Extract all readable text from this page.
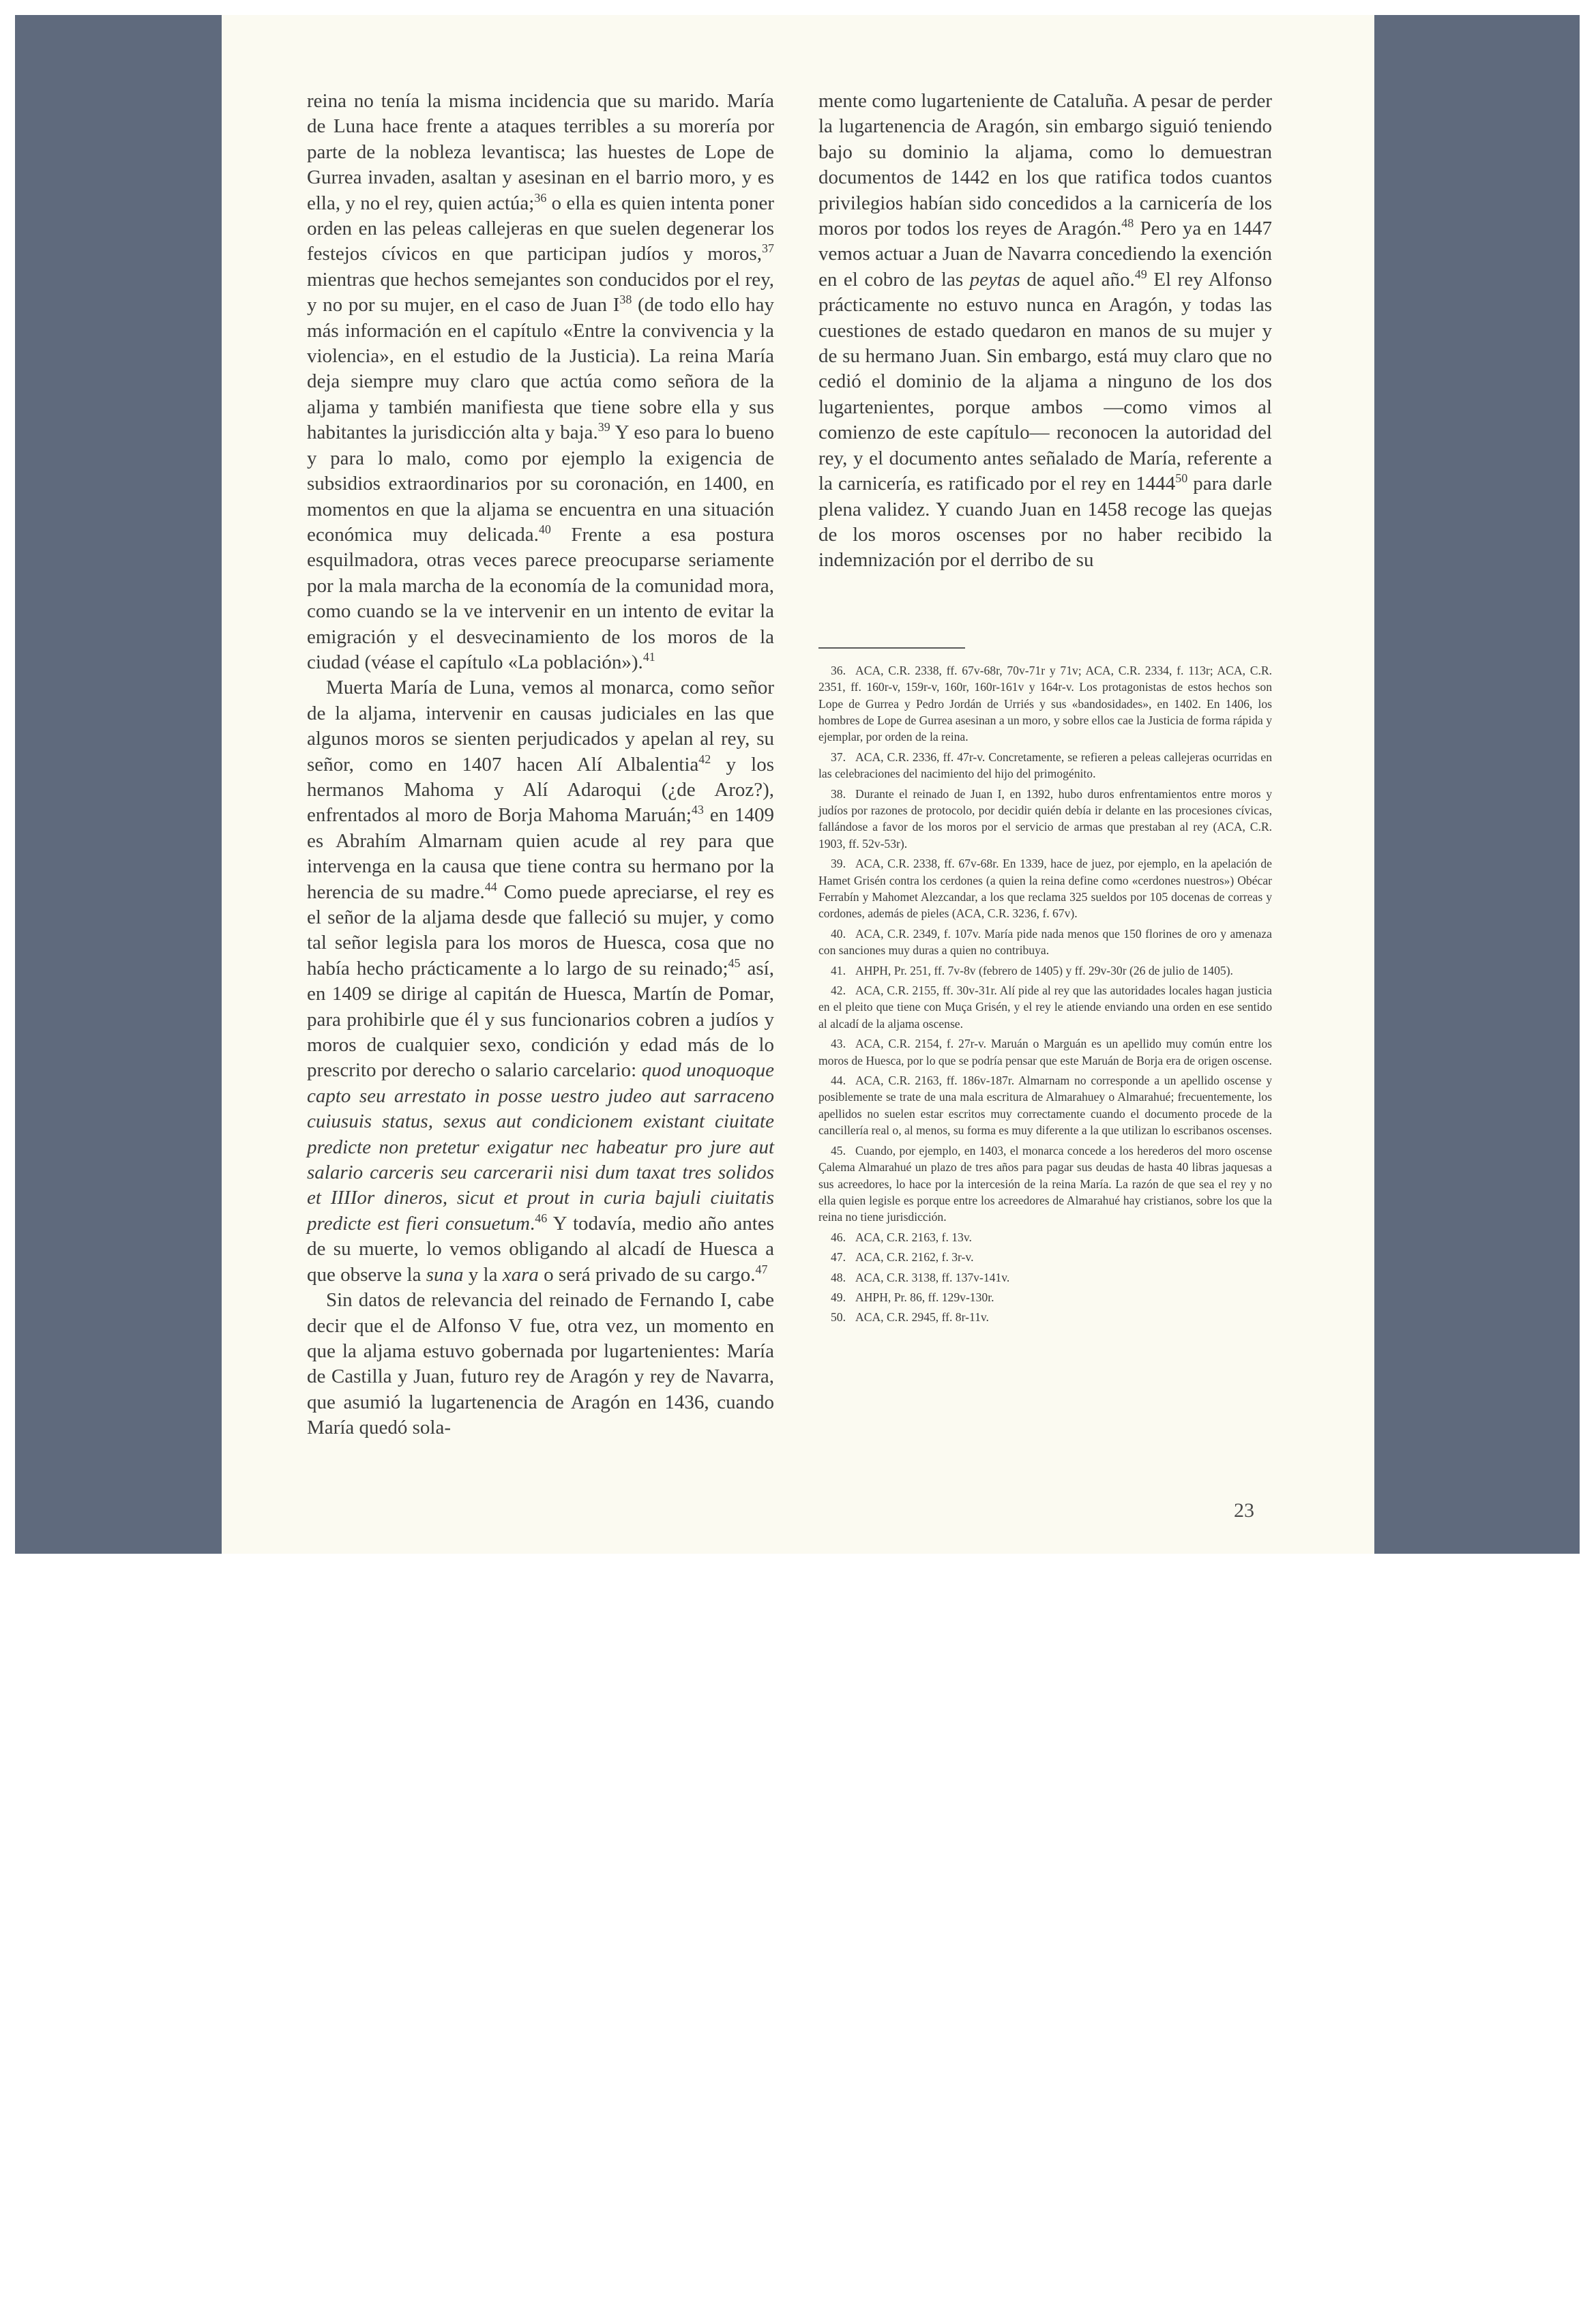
reina no tenía la misma incidencia que su marido. María de Luna hace frente a ataques terribles a su morería por parte de la nobleza levantisca; las huestes de Lope de Gurrea invaden, asaltan y asesinan en el barrio moro, y es ella, y no el rey, quien actúa;$^{36}$ o ella es quien intenta poner orden en las peleas callejeras en que suelen degenerar los festejos cívicos en que participan judíos y moros,$^{37}$ mientras que hechos semejantes son conducidos por el rey, y no por su mujer, en el caso de Juan $I^{38}$ (de todo ello hay más información en el capítulo «Entre la convivencia y la violencia», en el estudio de la Justicia). La reina María deja siempre muy claro que actúa como señora de la aljama y también manifiesta que tiene sobre ella y sus habitantes la jurisdicción alta y baja.$^{39}$ Y eso para lo bueno y para lo malo, como por ejemplo la exigencia de subsidios extraordinarios por su coronación, en 1400, en momentos en que la aljama se encuentra en una situación económica muy delicada.$^{40}$ Frente a esa postura esquilmadora, otras veces parece preocuparse seriamente por la mala marcha de la economía de la comunidad mora, como cuando se la ve intervenir en un intento de evitar la emigración y el desvecinamiento de los moros de la ciudad (véase el capítulo «La población»).$^{41}$

Muerta María de Luna, vemos al monarca, como señor de la aljama, intervenir en causas judiciales en las que algunos moros se sienten perjudicados y apelan al rey, su señor, como en 1407 hacen Alí Albalentia$^{42}$ y los hermanos Mahoma y Alí Adaroqui (¿de Aroz?), enfrentados al moro de Borja Mahoma Maruán;$^{43}$ en 1409 es Abrahím Almarnam quien acude al rey para que intervenga en la causa que tiene contra su hermano por la herencia de su madre.$^{44}$ Como puede apreciarse, el rey es el señor de la aljama desde que falleció su mujer, y como tal señor legisla para los moros de Huesca, cosa que no había hecho prácticamente a lo largo de su reinado;$^{45}$ así, en 1409 se dirige al capitán de Huesca, Martín de Pomar, para prohibirle que él y sus funcionarios cobren a judíos y moros de cualquier sexo, condición y edad más de lo prescrito por derecho o salario carcelario: quod unoquoque capto seu arrestato in posse uestro judeo aut sarraceno cuiusuis status, sexus aut condicionem existant ciuitate predicte non pretetur exigatur nec habeatur pro jure aut salario carceris seu carcerarii nisi dum taxat tres solidos et IIIIor dineros, sicut et prout in curia bajuli ciuitatis predicte est fieri consuetum.$^{46}$ Y todavía, medio año antes de su muerte, lo vemos obligando al alcadí de Huesca a que observe la suna y la xara o será privado de su cargo.$^{47}$

Sin datos de relevancia del reinado de Fernando I, cabe decir que el de Alfonso V fue, otra vez, un momento en que la aljama estuvo gobernada por lugartenientes: María de Castilla y Juan, futuro rey de Aragón y rey de Navarra, que asumió la lugartenencia de Aragón en 1436, cuando María quedó sola-

mente como lugarteniente de Cataluña. A pesar de perder la lugartenencia de Aragón, sin embargo siguió teniendo bajo su dominio la aljama, como lo demuestran documentos de 1442 en los que ratifica todos cuantos privilegios habían sido concedidos a la carnicería de los moros por todos los reyes de Aragón.$^{48}$ Pero ya en 1447 vemos actuar a Juan de Navarra concediendo la exención en el cobro de las peytas de aquel año.$^{49}$ El rey Alfonso prácticamente no estuvo nunca en Aragón, y todas las cuestiones de estado quedaron en manos de su mujer y de su hermano Juan. Sin embargo, está muy claro que no cedió el dominio de la aljama a ninguno de los dos lugartenientes, porque ambos —como vimos al comienzo de este capítulo— reconocen la autoridad del rey, y el documento antes señalado de María, referente a la carnicería, es ratificado por el rey en 1444$^{50}$ para darle plena validez. Y cuando Juan en 1458 recoge las quejas de los moros oscenses por no haber recibido la indemnización por el derribo de su

36. ACA, C.R. 2338, ff. 67v-68r, 70v-71r y 71v; ACA, C.R. 2334, f. 113r; ACA, C.R. 2351, ff. 160r-v, 159r-v, 160r, 160r-161v y 164r-v. Los protagonistas de estos hechos son Lope de Gurrea y Pedro Jordán de Urriés y sus «bandosidades», en 1402. En 1406, los hombres de Lope de Gurrea asesinan a un moro, y sobre ellos cae la Justicia de forma rápida y ejemplar, por orden de la reina.
37. ACA, C.R. 2336, ff. 47r-v. Concretamente, se refieren a peleas callejeras ocurridas en las celebraciones del nacimiento del hijo del primogénito.
38. Durante el reinado de Juan I, en 1392, hubo duros enfrentamientos entre moros y judíos por razones de protocolo, por decidir quién debía ir delante en las procesiones cívicas, fallándose a favor de los moros por el servicio de armas que prestaban al rey (ACA, C.R. 1903, ff. 52v-53r).
39. ACA, C.R. 2338, ff. 67v-68r. En 1339, hace de juez, por ejemplo, en la apelación de Hamet Grisén contra los cerdones (a quien la reina define como «cerdones nuestros») Obécar Ferrabín y Mahomet Alezcandar, a los que reclama 325 sueldos por 105 docenas de correas y cordones, además de pieles (ACA, C.R. 3236, f. 67v).
40. ACA, C.R. 2349, f. 107v. María pide nada menos que 150 florines de oro y amenaza con sanciones muy duras a quien no contribuya.
41. AHPH, Pr. 251, ff. 7v-8v (febrero de 1405) y ff. 29v-30r (26 de julio de 1405).
42. ACA, C.R. 2155, ff. 30v-31r. Alí pide al rey que las autoridades locales hagan justicia en el pleito que tiene con Muça Grisén, y el rey le atiende enviando una orden en ese sentido al alcadí de la aljama oscense.
43. ACA, C.R. 2154, f. 27r-v. Maruán o Marguán es un apellido muy común entre los moros de Huesca, por lo que se podría pensar que este Maruán de Borja era de origen oscense.
44. ACA, C.R. 2163, ff. 186v-187r. Almarnam no corresponde a un apellido oscense y posiblemente se trate de una mala escritura de Almarahuey o Almarahué; frecuentemente, los apellidos no suelen estar escritos muy correctamente cuando el documento procede de la cancillería real o, al menos, su forma es muy diferente a la que utilizan lo escribanos oscenses.
45. Cuando, por ejemplo, en 1403, el monarca concede a los herederos del moro oscense Çalema Almarahué un plazo de tres años para pagar sus deudas de hasta 40 libras jaquesas a sus acreedores, lo hace por la intercesión de la reina María. La razón de que sea el rey y no ella quien legisle es porque entre los acreedores de Almarahué hay cristianos, sobre los que la reina no tiene jurisdicción.
46. ACA, C.R. 2163, f. 13v.
47. ACA, C.R. 2162, f. 3r-v.
48. ACA, C.R. 3138, ff. 137v-141v.
49. AHPH, Pr. 86, ff. 129v-130r.
50. ACA, C.R. 2945, ff. 8r-11v.
23
